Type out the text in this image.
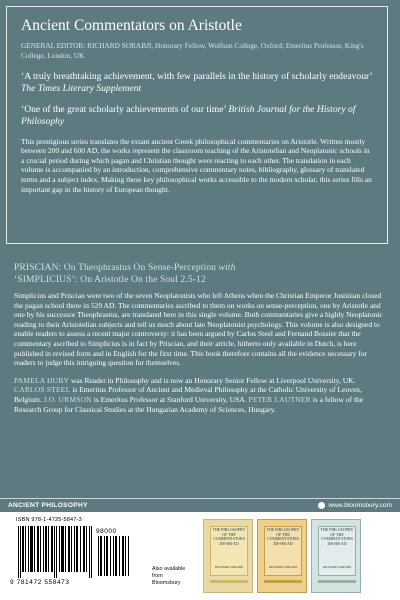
Ancient Commentators on Aristotle

GENERAL EDITOR: RICHARD SORABJI, Honorary Fellow, Wolfson College, Oxford; Emeritus Professor, King's College, London, UK

‘A truly breathtaking achievement, with few parallels in the history of scholarly endeavour’ The Times Literary Supplement

‘One of the great scholarly achievements of our time’ British Journal for the History of Philosophy

This prestigious series translates the extant ancient Greek philosophical commentaries on Aristotle. Written mostly between 200 and 600 AD, the works represent the classroom teaching of the Aristotelian and Neoplatonic schools in a crucial period during which pagan and Christian thought were reacting to each other. The translation in each volume is accompanied by an introduction, comprehensive commentary notes, bibliography, glossary of translated terms and a subject index. Making these key philosophical works accessible to the modern scholar, this series fills an important gap in the history of European thought.

PRISCIAN: On Theophrastus On Sense-Perception with
‘SIMPLICIUS’: On Aristotle On the Soul 2.5-12

Simplicius and Priscian were two of the seven Neoplatonists who left Athens when the Christian Emperor Justinian closed the pagan school there in 529 AD. The commentaries ascribed to them on works on sense-perception, one by Aristotle and one by his successor Theophrastus, are translated here in this single volume. Both commentaries give a highly Neoplatonic reading to their Aristotelian subjects and tell us much about late Neoplatonist psychology. This volume is also designed to enable readers to assess a recent major controversy: it has been argued by Carlos Steel and Fernand Bossier that the commentary ascribed to Simplicius is in fact by Priscian, and their article, hitherto only available in Dutch, is here published in revised form and in English for the first time. This book therefore contains all the evidence necessary for readers to judge this intriguing question for themselves.

PAMELA HUBY was Reader in Philosophy and is now an Honorary Senior Fellow at Liverpool University, UK. CARLOS STEEL is Emeritus Professor of Ancient and Medieval Philosophy at the Catholic University of Leuven, Belgium. J.O. URMSON is Emeritus Professor at Stanford University, USA. PETER LAUTNER is a fellow of the Research Group for Classical Studies at the Hungarian Academy of Sciences, Hungary.

ANCIENT PHILOSOPHY	www.bloomsbury.com
ISBN 978-1-4725-5847-3
98000
9 781472 558473
Also available from Bloomsbury
THE PHILOSOPHY OF THE COMMENTATORS 200-600 AD
RICHARD SORABJI
THE PHILOSOPHY OF THE COMMENTATORS 200-600 AD
RICHARD SORABJI
THE PHILOSOPHY OF THE COMMENTATORS 200-600 AD
RICHARD SORABJI
